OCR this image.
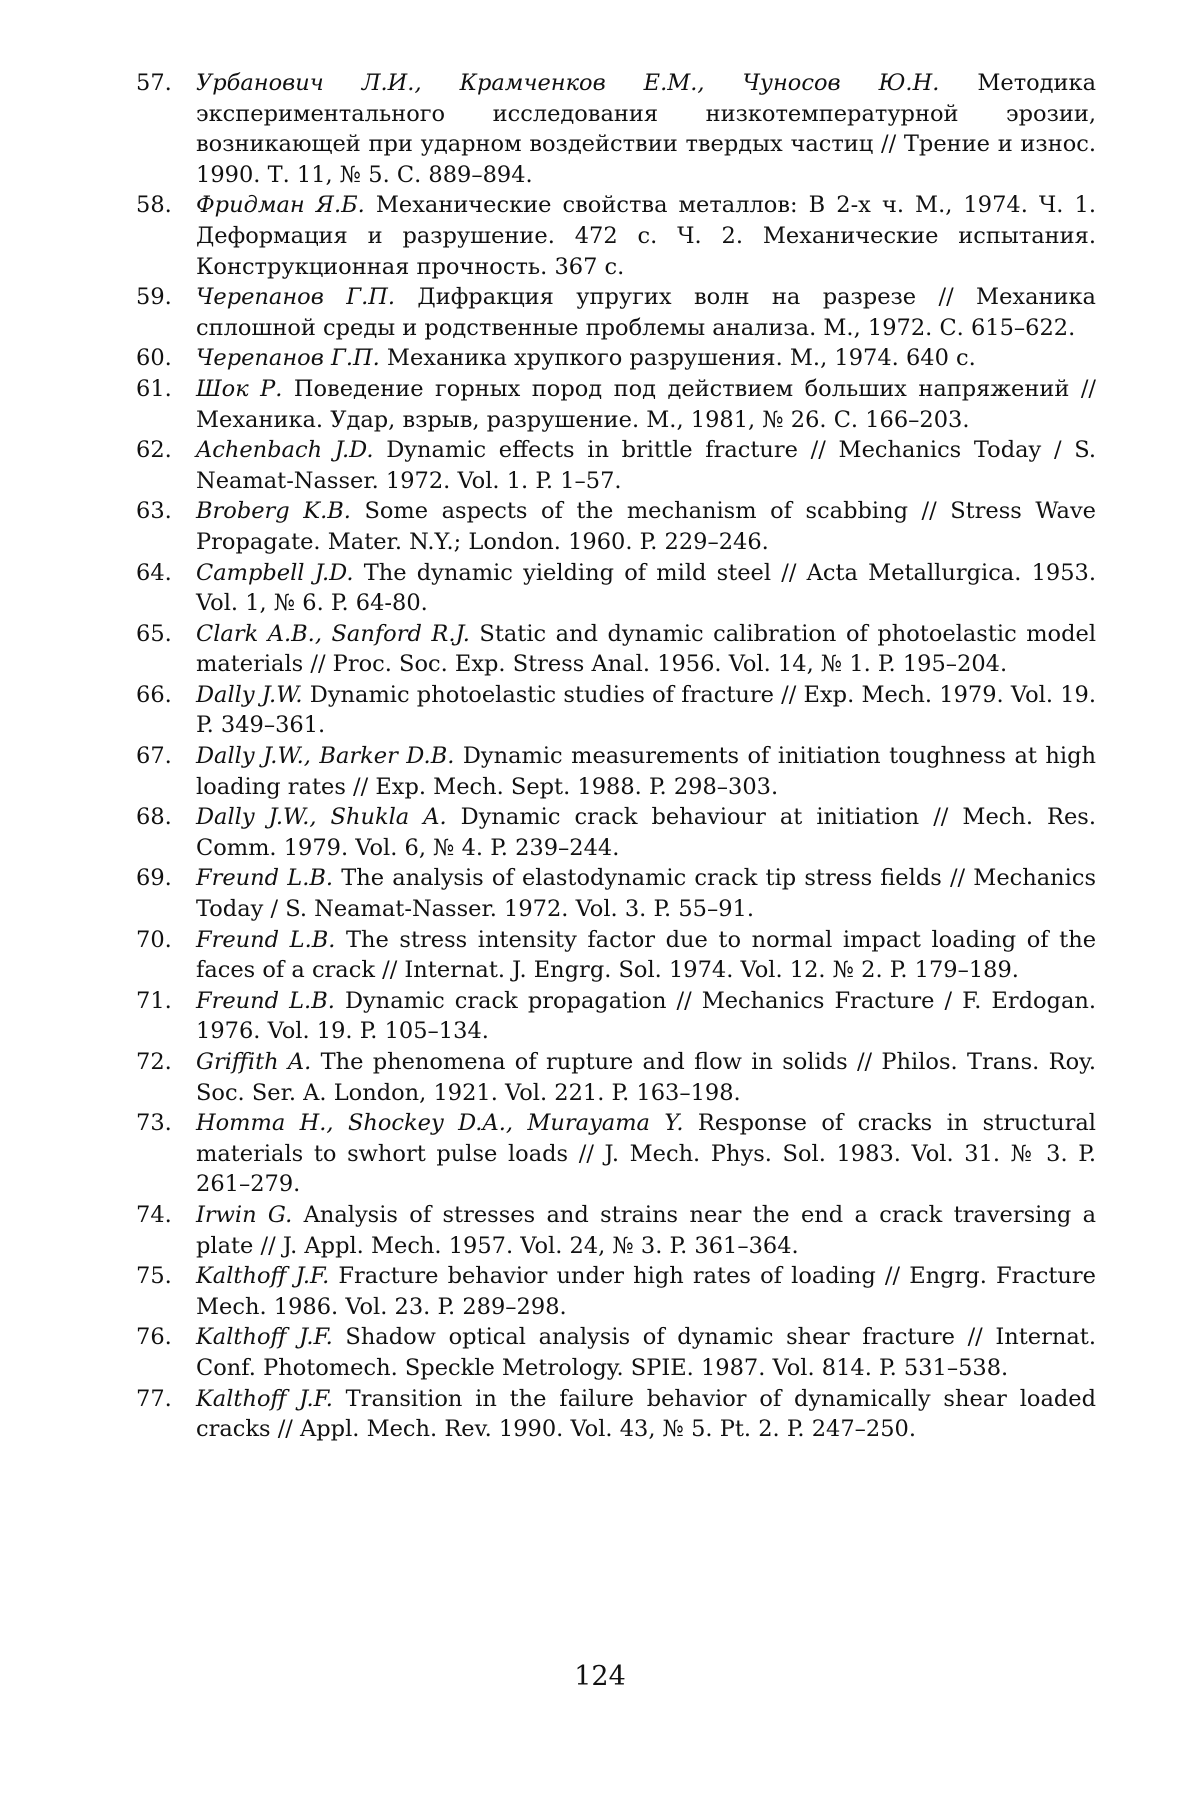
57.	Урбанович Л.И., Крамченков Е.М., Чуносов Ю.Н. Методика экспериментального исследования низкотемпературной эрозии, возникающей при ударном воздействии твердых частиц // Трение и износ. 1990. Т. 11, № 5. С. 889–894.
58.	Фридман Я.Б. Механические свойства металлов: В 2-х ч. М., 1974. Ч. 1. Деформация и разрушение. 472 с. Ч. 2. Механические испытания. Конструкционная прочность. 367 с.
59.	Черепанов Г.П. Дифракция упругих волн на разрезе // Механика сплошной среды и родственные проблемы анализа. М., 1972. С. 615–622.
60.	Черепанов Г.П. Механика хрупкого разрушения. М., 1974. 640 с.
61.	Шок Р. Поведение горных пород под действием больших напряжений // Механика. Удар, взрыв, разрушение. М., 1981, № 26. С. 166–203.
62.	Achenbach J.D. Dynamic effects in brittle fracture // Mechanics Today / S. Neamat-Nasser. 1972. Vol. 1. P. 1–57.
63.	Broberg K.B. Some aspects of the mechanism of scabbing // Stress Wave Propagate. Mater. N.Y.; London. 1960. P. 229–246.
64.	Campbell J.D. The dynamic yielding of mild steel // Acta Metallurgica. 1953. Vol. 1, № 6. P. 64-80.
65.	Clark A.B., Sanford R.J. Static and dynamic calibration of photoelastic model materials // Proc. Soc. Exp. Stress Anal. 1956. Vol. 14, № 1. P. 195–204.
66.	Dally J.W. Dynamic photoelastic studies of fracture // Exp. Mech. 1979. Vol. 19. P. 349–361.
67.	Dally J.W., Barker D.B. Dynamic measurements of initiation toughness at high loading rates // Exp. Mech. Sept. 1988. P. 298–303.
68.	Dally J.W., Shukla A. Dynamic crack behaviour at initiation // Mech. Res. Comm. 1979. Vol. 6, № 4. P. 239–244.
69.	Freund L.B. The analysis of elastodynamic crack tip stress fields // Mechanics Today / S. Neamat-Nasser. 1972. Vol. 3. P. 55–91.
70.	Freund L.B. The stress intensity factor due to normal impact loading of the faces of a crack // Internat. J. Engrg. Sol. 1974. Vol. 12. № 2. P. 179–189.
71.	Freund L.B. Dynamic crack propagation // Mechanics Fracture / F. Erdogan. 1976. Vol. 19. P. 105–134.
72.	Griffith A. The phenomena of rupture and flow in solids // Philos. Trans. Roy. Soc. Ser. A. London, 1921. Vol. 221. P. 163–198.
73.	Homma H., Shockey D.A., Murayama Y. Response of cracks in structural materials to swhort pulse loads // J. Mech. Phys. Sol. 1983. Vol. 31. № 3. P. 261–279.
74.	Irwin G. Analysis of stresses and strains near the end a crack traversing a plate // J. Appl. Mech. 1957. Vol. 24, № 3. P. 361–364.
75.	Kalthoff J.F. Fracture behavior under high rates of loading // Engrg. Fracture Mech. 1986. Vol. 23. P. 289–298.
76.	Kalthoff J.F. Shadow optical analysis of dynamic shear fracture // Internat. Conf. Photomech. Speckle Metrology. SPIE. 1987. Vol. 814. P. 531–538.
77.	Kalthoff J.F. Transition in the failure behavior of dynamically shear loaded cracks // Appl. Mech. Rev. 1990. Vol. 43, № 5. Pt. 2. P. 247–250.
124
